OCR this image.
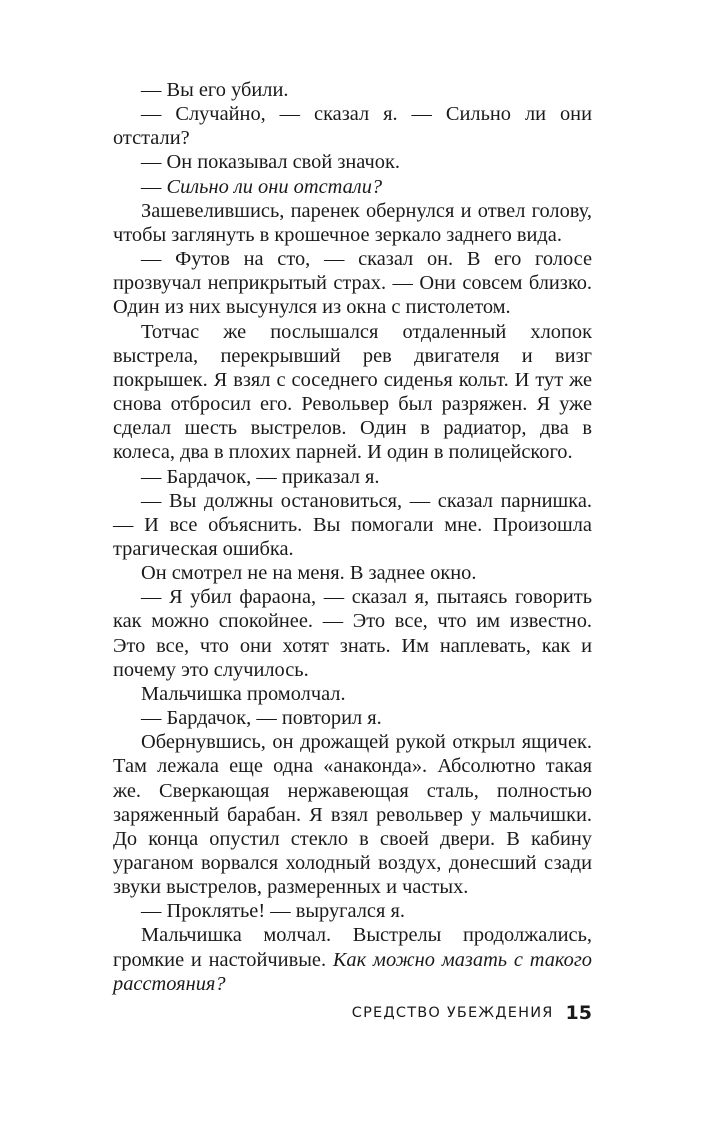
— Вы его убили.

— Случайно, — сказал я. — Сильно ли они отстали?

— Он показывал свой значок.

— Сильно ли они отстали?

Зашевелившись, паренек обернулся и отвел голову, чтобы заглянуть в крошечное зеркало заднего вида.

— Футов на сто, — сказал он. В его голосе прозвучал неприкрытый страх. — Они совсем близко. Один из них высунулся из окна с пистолетом.

Тотчас же послышался отдаленный хлопок выстрела, перекрывший рев двигателя и визг покрышек. Я взял с соседнего сиденья кольт. И тут же снова отбросил его. Револьвер был разряжен. Я уже сделал шесть выстрелов. Один в радиатор, два в колеса, два в плохих парней. И один в полицейского.

— Бардачок, — приказал я.

— Вы должны остановиться, — сказал парнишка. — И все объяснить. Вы помогали мне. Произошла трагическая ошибка.

Он смотрел не на меня. В заднее окно.

— Я убил фараона, — сказал я, пытаясь говорить как можно спокойнее. — Это все, что им известно. Это все, что они хотят знать. Им наплевать, как и почему это случилось.

Мальчишка промолчал.

— Бардачок, — повторил я.

Обернувшись, он дрожащей рукой открыл ящичек. Там лежала еще одна «анаконда». Абсолютно такая же. Сверкающая нержавеющая сталь, полностью заряженный барабан. Я взял револьвер у мальчишки. До конца опустил стекло в своей двери. В кабину ураганом ворвался холодный воздух, донесший сзади звуки выстрелов, размеренных и частых.

— Проклятье! — выругался я.

Мальчишка молчал. Выстрелы продолжались, громкие и настойчивые. Как можно мазать с такого расстояния?

СРЕДСТВО УБЕЖДЕНИЯ 15
